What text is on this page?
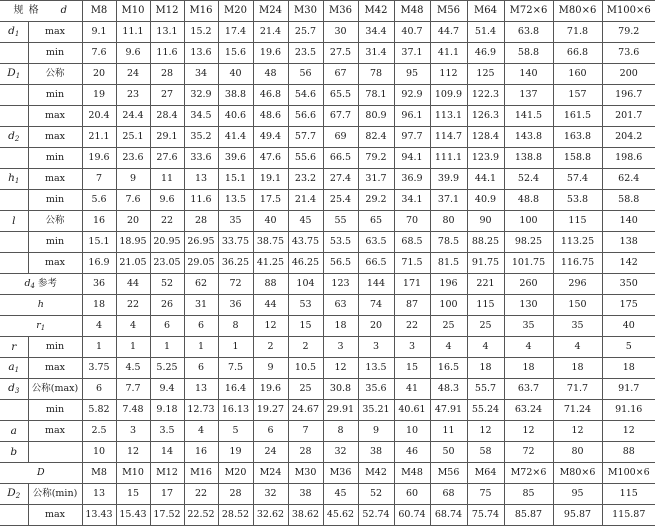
规 格 d		M8	M10	M12	M16	M20	M24	M30	M36	M42	M48	M56	M64	M72×6	M80×6	M100×6
$d_1$	max	9.1	11.1	13.1	15.2	17.4	21.4	25.7	30	34.4	40.7	44.7	51.4	63.8	71.8	79.2
	min	7.6	9.6	11.6	13.6	15.6	19.6	23.5	27.5	31.4	37.1	41.1	46.9	58.8	66.8	73.6
$D_1$	公称	20	24	28	34	40	48	56	67	78	95	112	125	140	160	200
	min	19	23	27	32.9	38.8	46.8	54.6	65.5	78.1	92.9	109.9	122.3	137	157	196.7
	max	20.4	24.4	28.4	34.5	40.6	48.6	56.6	67.7	80.9	96.1	113.1	126.3	141.5	161.5	201.7
$d_2$	max	21.1	25.1	29.1	35.2	41.4	49.4	57.7	69	82.4	97.7	114.7	128.4	143.8	163.8	204.2
	min	19.6	23.6	27.6	33.6	39.6	47.6	55.6	66.5	79.2	94.1	111.1	123.9	138.8	158.8	198.6
$h_1$	max	7	9	11	13	15.1	19.1	23.2	27.4	31.7	36.9	39.9	44.1	52.4	57.4	62.4
	min	5.6	7.6	9.6	11.6	13.5	17.5	21.4	25.4	29.2	34.1	37.1	40.9	48.8	53.8	58.8
l	公称	16	20	22	28	35	40	45	55	65	70	80	90	100	115	140
	min	15.1	18.95	20.95	26.95	33.75	38.75	43.75	53.5	63.5	68.5	78.5	88.25	98.25	113.25	138
	max	16.9	21.05	23.05	29.05	36.25	41.25	46.25	56.5	66.5	71.5	81.5	91.75	101.75	116.75	142
$d_4$ 参考		36	44	52	62	72	88	104	123	144	171	196	221	260	296	350
h		18	22	26	31	36	44	53	63	74	87	100	115	130	150	175
$r_1$		4	4	6	6	8	12	15	18	20	22	25	25	35	35	40
r	min	1	1	1	1	1	2	2	3	3	3	4	4	4	4	5
$a_1$	max	3.75	4.5	5.25	6	7.5	9	10.5	12	13.5	15	16.5	18	18	18	18
$d_3$	公称(max)	6	7.7	9.4	13	16.4	19.6	25	30.8	35.6	41	48.3	55.7	63.7	71.7	91.7
	min	5.82	7.48	9.18	12.73	16.13	19.27	24.67	29.91	35.21	40.61	47.91	55.24	63.24	71.24	91.16
a	max	2.5	3	3.5	4	5	6	7	8	9	10	11	12	12	12	12
b		10	12	14	16	19	24	28	32	38	46	50	58	72	80	88
D		M8	M10	M12	M16	M20	M24	M30	M36	M42	M48	M56	M64	M72×6	M80×6	M100×6
$D_2$	公称(min)	13	15	17	22	28	32	38	45	52	60	68	75	85	95	115
	max	13.43	15.43	17.52	22.52	28.52	32.62	38.62	45.62	52.74	60.74	68.74	75.74	85.87	95.87	115.87
